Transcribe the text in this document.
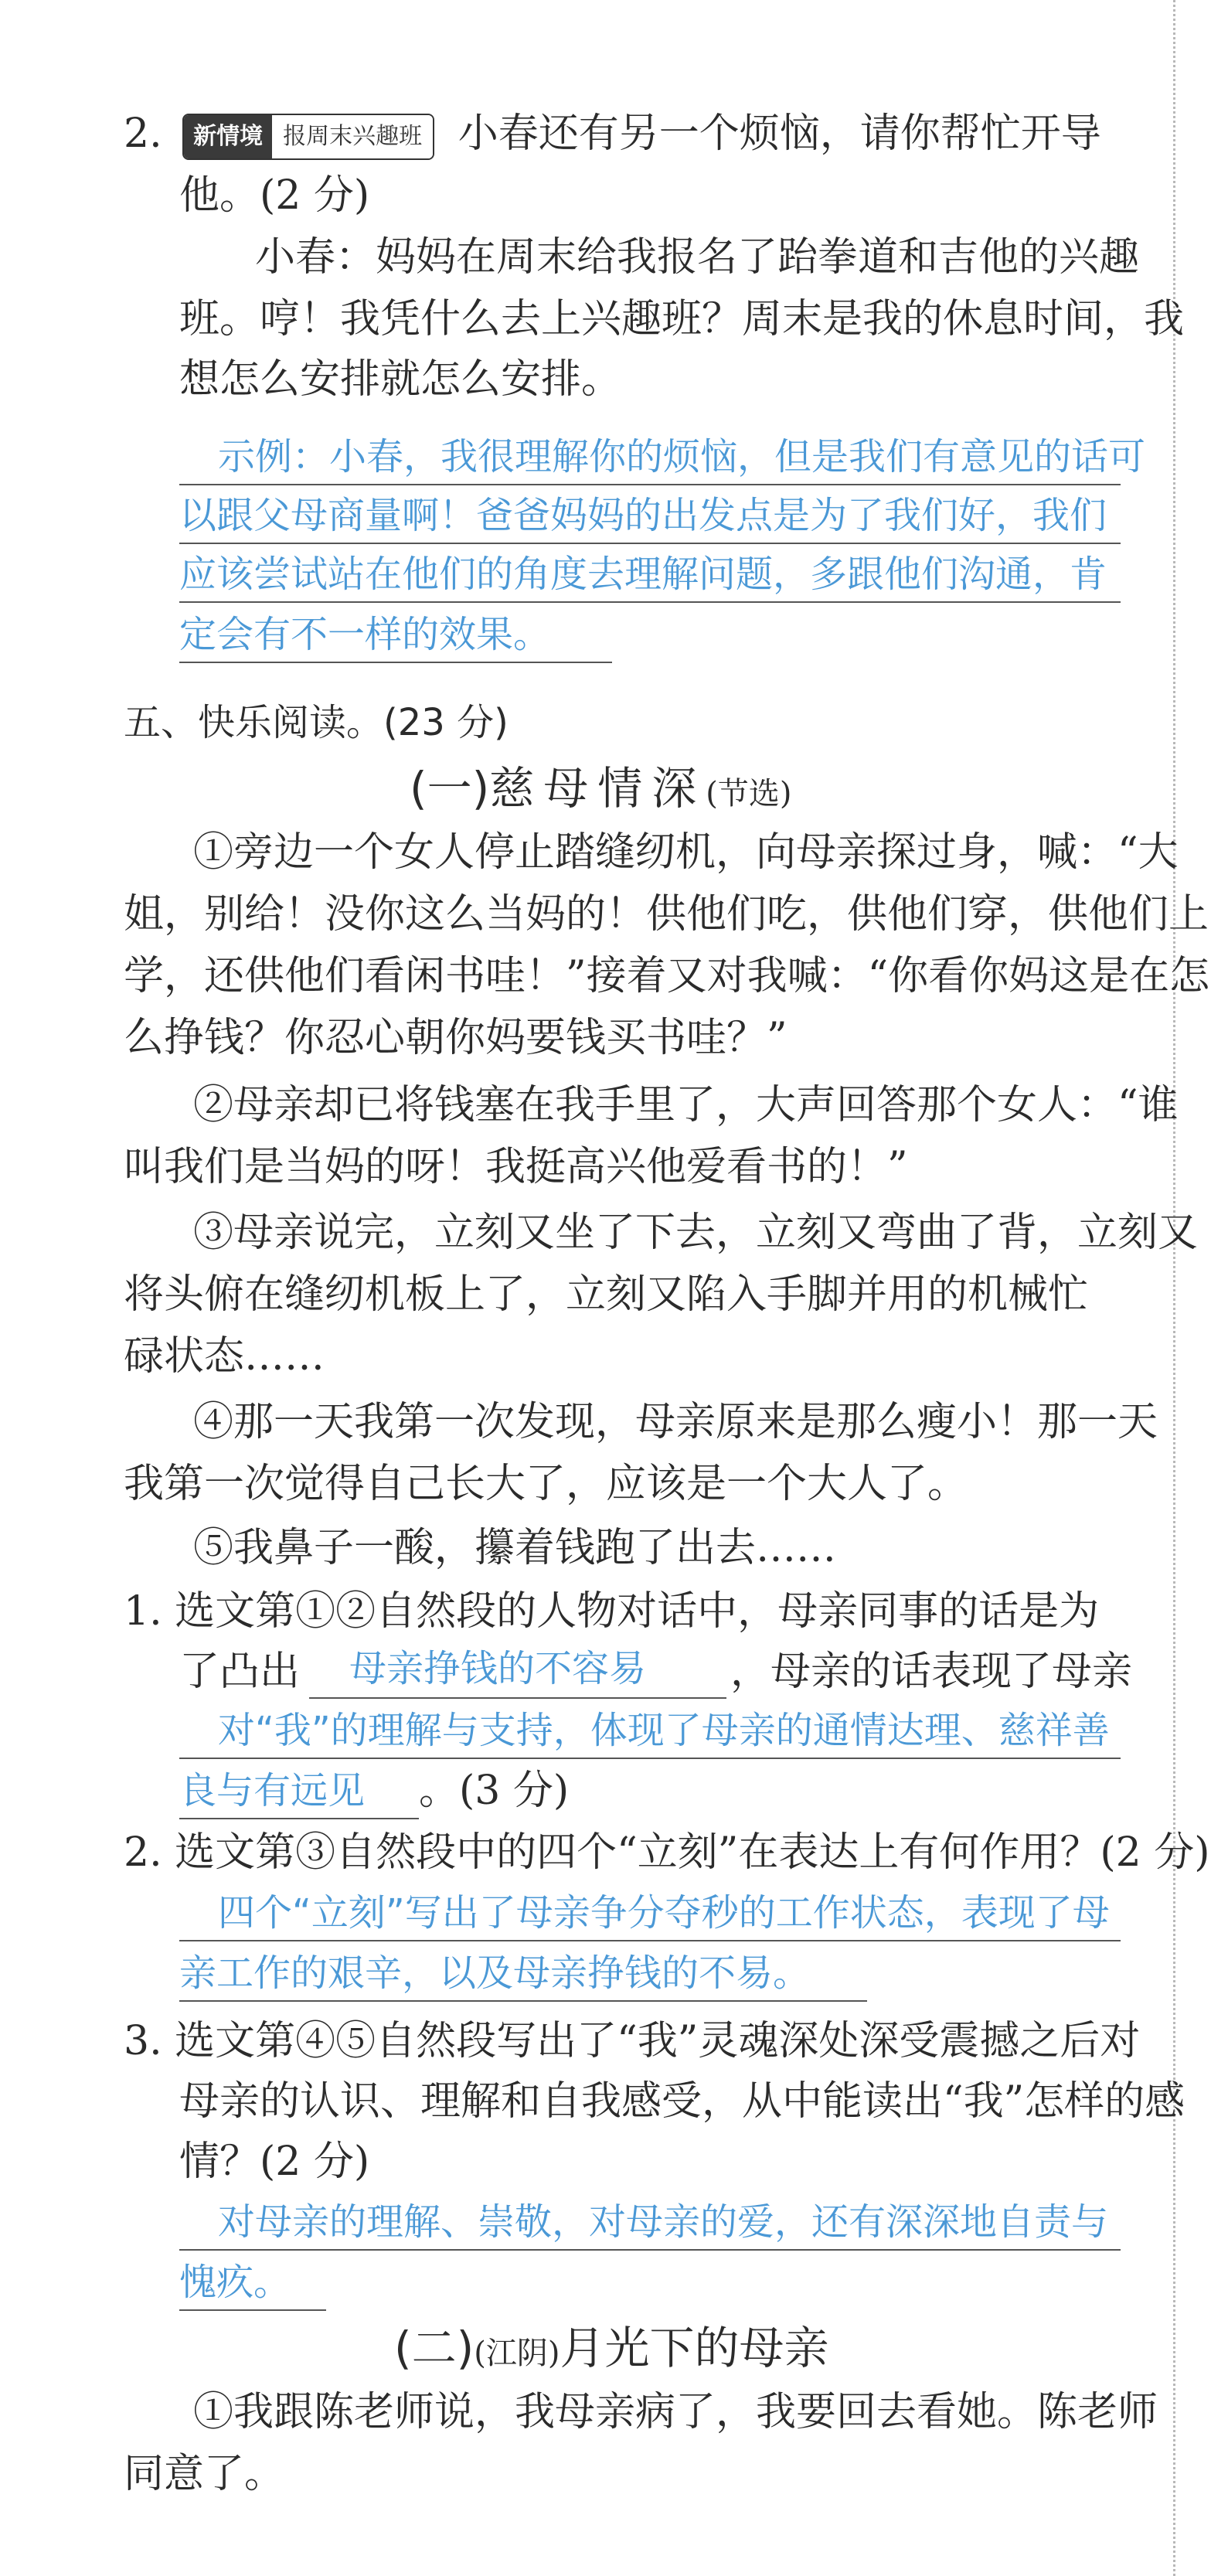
2.	新情境 报周末兴趣班 小春还有另一个烦恼，请你帮忙开导
他。(2 分)
小春：妈妈在周末给我报名了跆拳道和吉他的兴趣
班。哼！我凭什么去上兴趣班？周末是我的休息时间，我
想怎么安排就怎么安排。
示例：小春，我很理解你的烦恼，但是我们有意见的话可
以跟父母商量啊！爸爸妈妈的出发点是为了我们好，我们
应该尝试站在他们的角度去理解问题，多跟他们沟通，肯
定会有不一样的效果。
五、快乐阅读。(23 分)
(一)慈母情深(节选)
①旁边一个女人停止踏缝纫机，向母亲探过身，喊：“大
姐，别给！没你这么当妈的！供他们吃，供他们穿，供他们上
学，还供他们看闲书哇！”接着又对我喊：“你看你妈这是在怎
么挣钱？你忍心朝你妈要钱买书哇？”
②母亲却已将钱塞在我手里了，大声回答那个女人：“谁
叫我们是当妈的呀！我挺高兴他爱看书的！”
③母亲说完，立刻又坐了下去，立刻又弯曲了背，立刻又
将头俯在缝纫机板上了，立刻又陷入手脚并用的机械忙
碌状态……
④那一天我第一次发现，母亲原来是那么瘦小！那一天
我第一次觉得自己长大了，应该是一个大人了。
⑤我鼻子一酸，攥着钱跑了出去……
1. 选文第①②自然段的人物对话中，母亲同事的话是为
了凸出 母亲挣钱的不容易 ，母亲的话表现了母亲
对“我”的理解与支持，体现了母亲的通情达理、慈祥善
良与有远见 。(3 分)
2. 选文第③自然段中的四个“立刻”在表达上有何作用？(2 分)
四个“立刻”写出了母亲争分夺秒的工作状态，表现了母
亲工作的艰辛，以及母亲挣钱的不易。
3. 选文第④⑤自然段写出了“我”灵魂深处深受震撼之后对
母亲的认识、理解和自我感受，从中能读出“我”怎样的感
情？(2 分)
对母亲的理解、崇敬，对母亲的爱，还有深深地自责与
愧疚。
(二)(江阴)月光下的母亲
①我跟陈老师说，我母亲病了，我要回去看她。陈老师
同意了。
